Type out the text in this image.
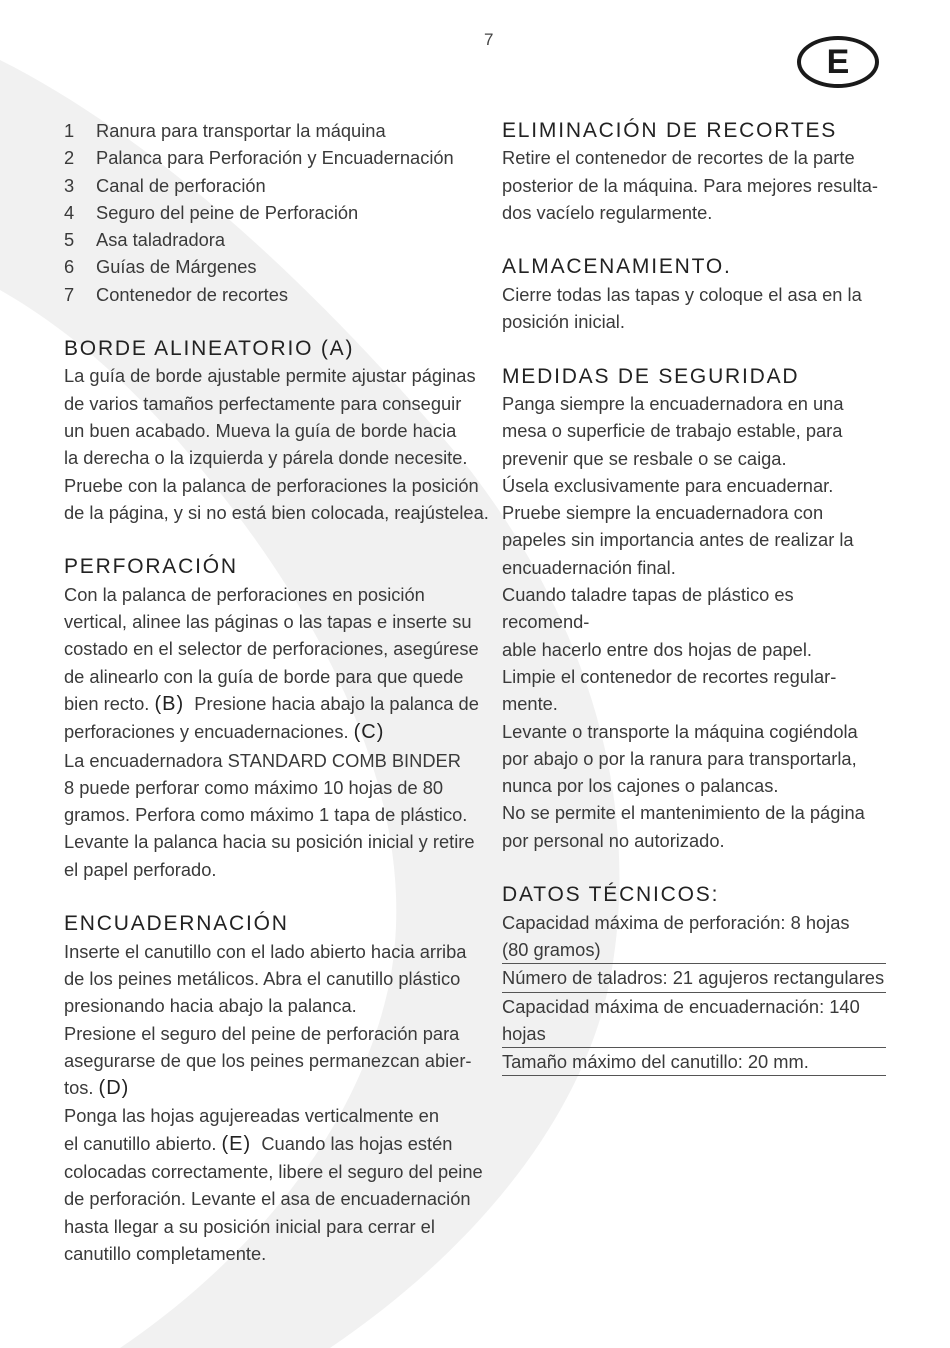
7
E
1	Ranura para transportar la máquina
2	Palanca para Perforación y Encuadernación
3	Canal de perforación
4	Seguro del peine de Perforación
5	Asa taladradora
6	Guías de Márgenes
7	Contenedor de recortes
BORDE ALINEATORIO (A)

La guía de borde ajustable permite ajustar páginas
de varios tamaños perfectamente para conseguir
un buen acabado. Mueva la guía de borde hacia
la derecha o la izquierda y párela donde necesite.
Pruebe con la palanca de perforaciones la posición
de la página, y si no está bien colocada, reajústelea.

PERFORACIÓN

Con la palanca de perforaciones en posición
vertical, alinee las páginas o las tapas e inserte su
costado en el selector de perforaciones, asegúrese
de alinearlo con la guía de borde para que quede
bien recto. (B)  Presione hacia abajo la palanca de
perforaciones y encuadernaciones. (C)
La encuadernadora STANDARD COMB BINDER
8 puede perforar como máximo 10 hojas de 80
gramos. Perfora como máximo 1 tapa de plástico.
Levante la palanca hacia su posición inicial y retire
el papel perforado.

ENCUADERNACIÓN

Inserte el canutillo con el lado abierto hacia arriba
de los peines metálicos. Abra el canutillo plástico
presionando hacia abajo la palanca.
Presione el seguro del peine de perforación para
asegurarse de que los peines permanezcan abier-
tos. (D)
Ponga las hojas agujereadas verticalmente en
el canutillo abierto. (E)  Cuando las hojas estén
colocadas correctamente, libere el seguro del peine
de perforación. Levante el asa de encuadernación
hasta llegar a su posición inicial para cerrar el
canutillo completamente.

ELIMINACIÓN DE RECORTES

Retire el contenedor de recortes de la parte
posterior de la máquina. Para mejores resulta-
dos vacíelo regularmente.

ALMACENAMIENTO.

Cierre todas las tapas y coloque el asa en la
posición inicial.

MEDIDAS DE SEGURIDAD

Panga siempre la encuadernadora en una
mesa o superficie de trabajo estable, para
prevenir que se resbale o se caiga.
Úsela exclusivamente para encuadernar.
Pruebe siempre la encuadernadora con
papeles sin importancia antes de realizar la
encuadernación final.
Cuando taladre tapas de plástico es recomend-
able hacerlo entre dos hojas de papel.
Limpie el contenedor de recortes regular-
mente.
Levante o transporte la máquina cogiéndola
por abajo o por la ranura para transportarla,
nunca por los cajones o palancas.
No se permite el mantenimiento de la página
por personal no autorizado.

DATOS TÉCNICOS:
Capacidad máxima de perforación: 8 hojas
(80 gramos)
Número de taladros: 21 agujeros rectangulares
Capacidad máxima de encuadernación: 140
hojas
Tamaño máximo del canutillo: 20 mm.
